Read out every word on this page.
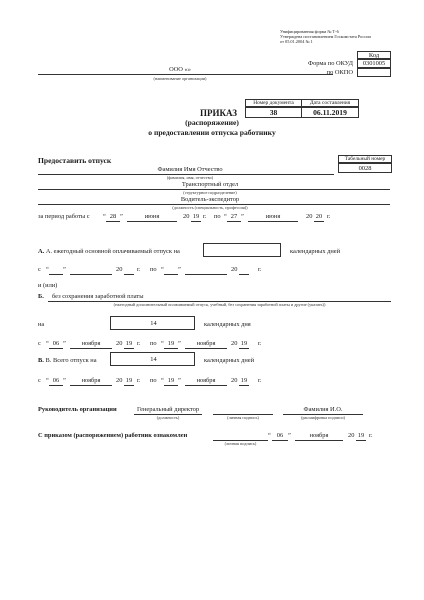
Унифицированная форма № Т-6
Утверждена постановлением Госкомстата России
от 05.01.2004 № 1
Код
Форма по ОКУД	0301005
по ОКПО
ООО «»
(наименование организации)
Номер документа	Дата составления
38	06.11.2019
ПРИКАЗ
(распоряжение)
о предоставлении отпуска работнику
Предоставить отпуск	Табельный номер
0028
Фамилия Имя Отчество
(фамилия, имя, отчество)
Транспортный отдел
(структурное подразделение)
Водитель-экспедитор
(должность (специальность, профессия))
за период работы с “ 28 ”	июня	20 19 г. по “ 27 ”	июня	20 20 г.
А. А. ежегодный основной оплачиваемый отпуск на	календарных дней
с “ ”	20 г. по “ ”	20	г.
и (или)
Б. без сохранения заработной платы
(ежегодный дополнительный оплачиваемый отпуск, учебный, без сохранения заработной платы и другие (указать))
на	14	календарных дня
с “ 06 ”	ноября	20 19 г. по “ 19 ”	ноября	20 19 г.
В. В. Всего отпуск на	14	календарных дней
с “ 06 ”	ноября	20 19 г. по “ 19 ”	ноября	20 19 г.
Руководитель организации	Генеральный директор
(должность)	(личная подпись)
Фамилия И.О.
(расшифровка подписи)
С приказом (распоряжением) работник ознакомлен
(личная подпись)
“ 06 ”	ноября	20 19 г.
